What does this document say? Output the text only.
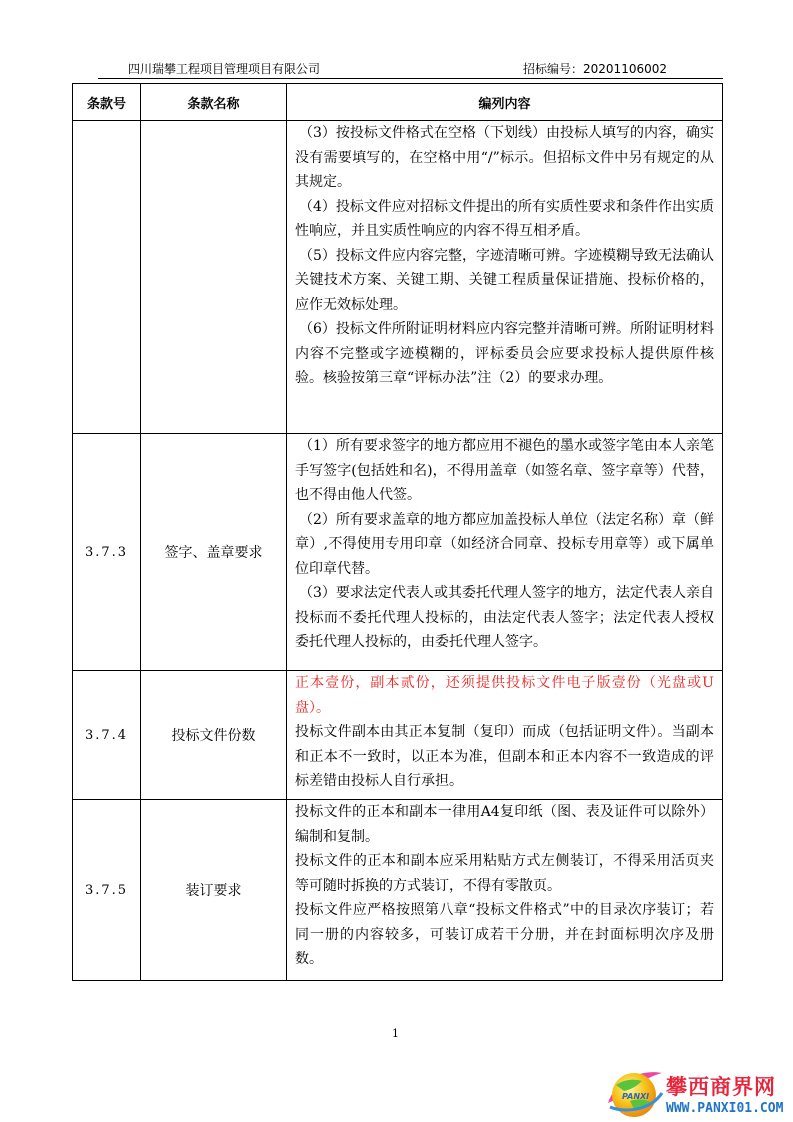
四川瑞攀工程项目管理项目有限公司	招标编号：20201106002
条款号	条款名称	编列内容

		（3）按投标文件格式在空格（下划线）由投标人填写的内容，确实没有需要填写的，在空格中用“/”标示。但招标文件中另有规定的从其规定。
（4）投标文件应对招标文件提出的所有实质性要求和条件作出实质性响应，并且实质性响应的内容不得互相矛盾。
（5）投标文件应内容完整，字迹清晰可辨。字迹模糊导致无法确认关键技术方案、关键工期、关键工程质量保证措施、投标价格的，应作无效标处理。
（6）投标文件所附证明材料应内容完整并清晰可辨。所附证明材料内容不完整或字迹模糊的，评标委员会应要求投标人提供原件核验。核验按第三章“评标办法”注（2）的要求办理。

3.7.3	签字、盖章要求	（1）所有要求签字的地方都应用不褪色的墨水或签字笔由本人亲笔手写签字(包括姓和名)，不得用盖章（如签名章、签字章等）代替，也不得由他人代签。
（2）所有要求盖章的地方都应加盖投标人单位（法定名称）章（鲜章）,不得使用专用印章（如经济合同章、投标专用章等）或下属单位印章代替。
（3）要求法定代表人或其委托代理人签字的地方，法定代表人亲自投标而不委托代理人投标的，由法定代表人签字；法定代表人授权委托代理人投标的，由委托代理人签字。

3.7.4	投标文件份数	正本壹份，副本贰份，还须提供投标文件电子版壹份（光盘或U盘）。
投标文件副本由其正本复制（复印）而成（包括证明文件）。当副本和正本不一致时，以正本为准，但副本和正本内容不一致造成的评标差错由投标人自行承担。

3.7.5	装订要求	投标文件的正本和副本一律用A4复印纸（图、表及证件可以除外）编制和复制。
投标文件的正本和副本应采用粘贴方式左侧装订，不得采用活页夹等可随时拆换的方式装订，不得有零散页。
投标文件应严格按照第八章“投标文件格式”中的目录次序装订；若同一册的内容较多，可装订成若干分册，并在封面标明次序及册数。
1
PANXI 攀西商界网
WWW.PANXI01.COM
